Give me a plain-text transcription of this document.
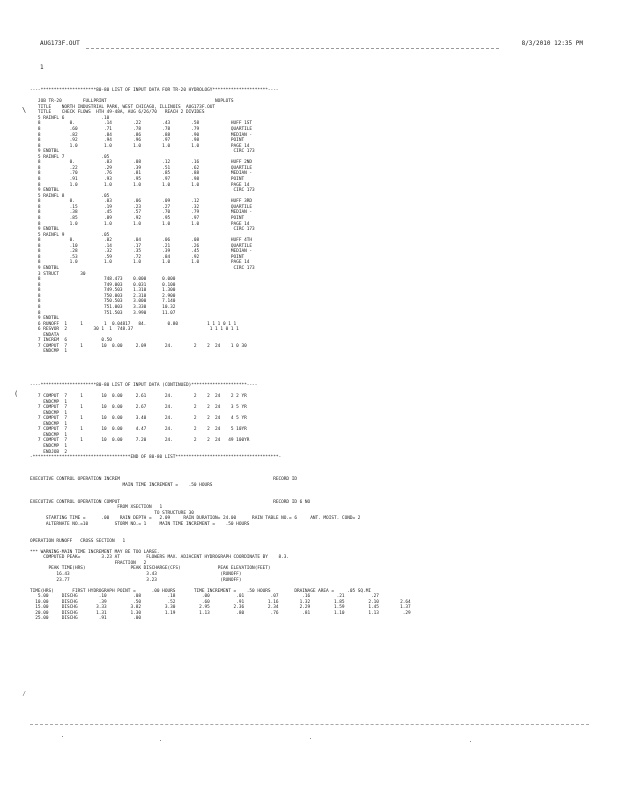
AUG173F.OUT	8/3/2010 12:35 PM
1
----*********************80-80 LIST OF INPUT DATA FOR TR-20 HYDROLOGY*********************----

JOB TR-20        FULLPRINT                                         NOPLOTS
TITLE    NORTH INDUSTRIAL PARK, WEST CHICAGO, ILLINOIS  AUG173F.OUT
TITLE    CHECK FLOWS  HTH 49-48A, AUG 6/26/70   REACH 2 DIVIDES
5 RAINFL 6              .10
8           0.           .14        .22        .43        .58            HUFF 1ST
8           .60          .71        .78        .78        .79            QUARTILE
8           .82          .84        .86        .88        .90            MEDIAN -
8           .92          .94        .96        .97        .98            POINT
8           1.0          1.0        1.0        1.0        1.0            PAGE 14
9 ENDTBL                                                                  CIRC 173
5 RAINFL 7              .05
8           0.           .03        .08        .12        .16            HUFF 2ND
8           .22          .29        .39        .51        .62            QUARTILE
8           .70          .76        .81        .85        .88            MEDIAN -
8           .91          .93        .95        .97        .98            POINT
8           1.0          1.0        1.0        1.0        1.0            PAGE 14
9 ENDTBL                                                                  CIRC 173
5 RAINFL 8              .05
8           0.           .03        .06        .09        .12            HUFF 3RD
8           .15          .19        .23        .27        .32            QUARTILE
8           .38          .45        .57        .70        .79            MEDIAN -
8           .85          .89        .92        .95        .97            POINT
8           1.0          1.0        1.0        1.0        1.0            PAGE 14
9 ENDTBL                                                                  CIRC 173
5 RAINFL 9              .05
8           0.           .02        .04        .06        .08            HUFF 4TH
8           .10          .14        .17        .21        .26            QUARTILE
8           .28          .32        .35        .39        .45            MEDIAN -
8           .53          .59        .72        .84        .92            POINT
8           1.0          1.0        1.0        1.0        1.0            PAGE 14
9 ENDTBL                                                                  CIRC 173
3 STRUCT        30
8                        748.473    0.000      0.000
8                        749.003    0.031      0.100
8                        749.503    1.310      1.300
8                        750.003    2.310      2.900
8                        750.503    3.000      7.140
8                        751.003    3.330      10.32
8                        751.503    3.990      11.07
9 ENDTBL
6 RUNOFF  1     1        1  0.04817   84.        0.80           1 1 1 0 1 1
6 RESVOR  2          30 1  1  748.37                             1 1 1 0 1 1
ENDATA
7 INCREM  6             0.50
7 COMPUT  7     1       10  0.00     2.09       24.        2    2  24    1 0 30
ENDCMP  1

----*********************80-80 LIST OF INPUT DATA (CONTINUED)*********************----

7 COMPUT  7     1       10  0.00     2.61       24.        2    2  24    2 2 YR
ENDCMP  1
7 COMPUT  7     1       10  0.00     2.67       24.        2    2  24    3 5 YR
ENDCMP  1
7 COMPUT  7     1       10  0.00     3.40       24.        2    2  24    4 5 YR
ENDCMP  1
7 COMPUT  7     1       10  0.00     4.47       24.        2    2  24    5 10YR
ENDCMP  1
7 COMPUT  7     1       10  0.00     7.20       24.        2    2  24   49 100YR
ENDCMP  1
ENDJOB  2
-*************************************END OF 80-80 LIST***************************************-

EXECUTIVE CONTROL OPERATION INCREM                                                          RECORD ID
MAIN TIME INCREMENT =    .50 HOURS

EXECUTIVE CONTROL OPERATION COMPUT                                                          RECORD ID 6 NO
FROM XSECTION   1
TO STRUCTURE 30
STARTING TIME =      .00    RAIN DEPTH =   2.09     RAIN DURATION= 24.00      RAIN TABLE NO.= 6     ANT. MOIST. COND= 2
ALTERNATE NO.=10          STORM NO.= 1     MAIN TIME INCREMENT =    .50 HOURS

OPERATION RUNOFF   CROSS SECTION   1

*** WARNING-MAIN TIME INCREMENT MAY BE TOO LARGE.
COMPUTED PEAK=        3.23 AT          FLOWERS MAX. ADJACENT HYDROGRAPH COORDINATE BY    8.3.
FRACTION   2
PEAK TIME(HRS)                 PEAK DISCHARGE(CFS)              PEAK ELEVATION(FEET)
16.43                             3.43                        (RUNOFF)
23.77                             3.23                        (RUNOFF)

TIME(HRS)       FIRST HYDROGRAPH POINT =      .00 HOURS       TIME INCREMENT =    .50 HOURS         DRAINAGE AREA =     .05 SQ.MI
5.00     DISCHG        .10          .08          .18          .00          .01          .07         .16          .21          .27
10.00     DISCHG        .39          .50          .52          .60          .91         1.16        1.32         1.85         2.10        2.64
15.00     DISCHG       3.33         3.82         3.30         2.95         2.36         2.34        2.29         1.59         1.45        1.37
20.00     DISCHG       1.31         1.30         1.19         1.13          .80          .76         .81         1.10         1.13         .29
25.00     DISCHG        .91          .00

\
(
⁄
